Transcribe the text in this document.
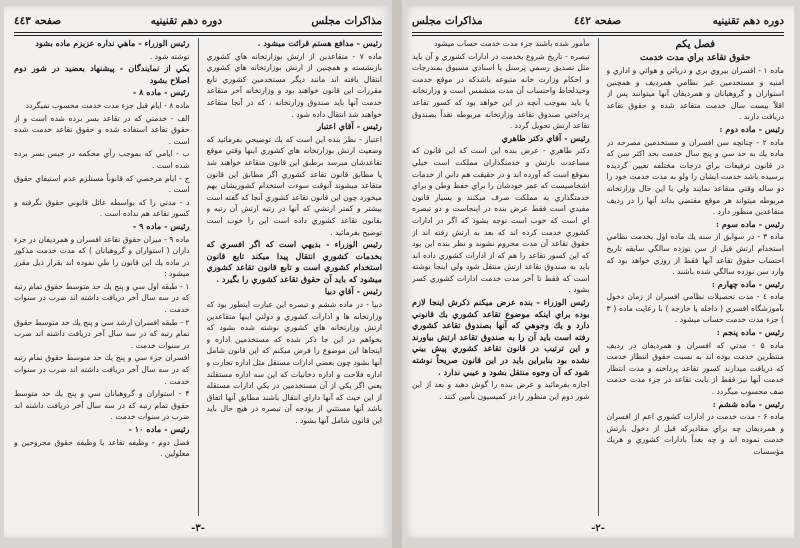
مذاكرات مجلس
دوره دهم تقنينيه
صفحه ٤٤٣

رئيس - مدافع هستم قرائت ميشود .

ماده ٧ - متقاعدين از ارتش بوزارتخانه هاي كشوري بازنشسته و همچنين از ارتش بوزارتخانه هاي كشوري انتقال يافته اند مانند ديگر مستخدمين كشوري تابع مقررات اين قانون خواهند بود و وزارتخانه آخر متقاعد خدمت آنها بايد صندوق وزارتخانه ، كه در آنجا متقاعد خواهند شد انتقال داده شود .

رئيس - آقاي اعتبار

اعتبار - نظر بنده اين است كه يك توضيحي بفرمائيد كه وضعيت ارتش بوزارتخانه هاي كشوري اينها وقتي موقع تقاعدشان ميرسد برطبق اين قانون متقاعد خواهند شد يا مطابق قانون تقاعد كشوري اگر مطابق اين قانون متقاعد ميشوند آنوقت سوءت استخدام كشوريشان بهم ميخورد چون اين قانون تقاعد كشوري آنجا كه گفته است بيشتر و كمتر ارتشي كه آنها در رتبه ارتش آن رتبه و بقانون تقاعد كشوري داده است اين را خوب است توضيح بفرمائيد .

رئيس الوزراء - بديهي است كه اگر افسري كه بخدمات كشوري انتقال پيدا ميكند تابع قانون استخدام كشوري است و تابع قانون تقاعد كشوري ميشود كه بايد آن حقوق تقاعد كشوري را بگيرد .

رئيس - آقاي دبيا

دبيا - در ماده ششم و تبصره اين عبارت اينطور بود كه وزارتخانه ها و ادارات كشوري و دولتي اينها متقاعدين ارتش وزارتخانه هاي كشوري نوشته شده بشود كه بخواهم در اين جا ذكر شده كه مستخدمين اداره و اينجاها اين موضوع را فرض ميكنم كه اين قانون شامل آنها بشود چون بعضي ادارات مستقل مثل اداره تجارت و اداره فلاحت و اداره دخانيات كه اين سه اداره مستقلند يعني اگر يكي از آن مستخدمين در يكي ادارات مستقله از اين حيث كه آنها داراي انتقال باشند مطابق آنها اتفاق باشد آنها مستثني از بودجه آن تبصره در هيچ حال بايد اين قانون شامل آنها بشود .

رئيس الوزراء - ماهي نداره عزيزم ماده بشود

نوشته شود .

يكي از نمايندگان - پيشنهاد بعضيد در شور دوم اصلاح بشود

رئيس - ماده ۸ -

ماده ۸ - ايام قبل جزء مدت خدمت محسوب نميگردد

الف - خدمتي كه در تقاعد بسر برده شده است و از حقوق تقاعد استفاده شده و حقوق تقاعد خدمت شده است .

ب - ايامي كه بموجب رأي محكمه در حبس بسر برده شده است .

ج - ايام مرخصي كه قانوناً مستلزم عدم استيفاي حقوق است .

د - مدتي را كه بواسطه عائل قانوني حقوق نگرفته و كسور تقاعد هم نداده است .

رئيس - ماده ۹ -

ماده ۹ - ميزان حقوق تقاعد افسران و همرديفان در جزء داران ( استواران و گروهبانان ) كه مدت خدمت مذكور در ماده يك اين قانون را طي نموده اند بقرار ذيل مقرر ميشود :

۱ - طبقه اول سي و پنج يك حد متوسط حقوق تمام رتبه كه در سه سال آخر دريافت داشته اند ضرب در سنوات خدمت .

۲ - طبقه افسران ارشد سي و پنج يك حد متوسط حقوق تمام رتبه كه در سه سال آخر دريافت داشته اند ضرب در سنوات خدمت .

افسران جزء سي و پنج يك حد متوسط حقوق تمام رتبه كه در سه سال آخر دريافت داشته اند ضرب در سنوات خدمت .

۴ - استواران و گروهبانان سي و پنج يك حد متوسط حقوق تمام رتبه كه در سه سال آخر دريافت داشته اند ضرب در سنوات خدمت .

رئيس - ماده ۱۰ -

فصل دوم - وظيفه تقاعد يا وظيفه حقوق مجروحين و معلولين .

-٣-
دوره دهم تقنينيه
صفحه ٤٤٢
مذاكرات مجلس

فصل يكم

حقوق تقاعد براي مدت خدمت

ماده ۱ - افسران بيروي بري و دريائي و هوائي و اداري و امنيه و مستخدمين غير نظامي همرديف و همچنين استواران و گروهبانان و همرديفان آنها ميتوانند پس از اقلاً بيست سال خدمت متقاعد شده و حقوق تقاعد دريافت دارند .

رئيس - ماده دوم :

ماده ۲ - چنانچه سن افسران و مستخدمين مصرحه در ماده يك به حد سي و پنج سال خدمت بحد اكثر سن كه در قانون ترفيعات براي درجات مختلفه تعيين گرديده برسيده باشد خدمت ايشان را ولو به مدت خدمت خود را دو ساله وقتي متقاعد نمايند ولي با اين حال وزارتخانه مربوطه ميتواند هر موقع مقتضي بداند آنها را در رديف متقاعدين منظور دارد .

رئيس - ماده سوم :

ماده ۳ - در سوابق از سنه يك ماده اول بخدمت نظامي استخدام ارتش قبل از سن نوزده سالگي سابقه تاريخ احتساب حقوق تقاعد آنها فقط از روزي خواهد بود كه وارد سن نوزده سالگي شده باشند .

رئيس - ماده چهارم :

ماده ٤ - مدت تحصيلات نظامي افسران از زمان دخول بآموزشگاه افسري ( داخله يا خارجه ) با رعايت ماده ( ۳ ) جزء مدت خدمت حساب ميشود .

رئيس - ماده پنجم :

ماده ۵ - مدتي كه افسران و همرديفان در رديف منتظرين خدمت بوده اند به نسبت حقوق انتظار خدمت كه دريافت ميدارند كسور تقاعد پرداخته و مدت انتظار خدمت آنها نيز فقط از بابت تقاعد در جزء مدت خدمت صف محسوب ميگردد .

رئيس - ماده ششم :

ماده ۶ - مدت خدمت در ادارات كشوري اعم از افسران و همرديفان چه براي مقاديركه قبل از دخول بارتش خدمت نموده اند و چه بعداً بادارات كشوري و هريك مؤسسات

مأمور شده باشند جزء مدت خدمت حساب ميشود

تبصره - تاريخ شروع بخدمت در ادارات كشوري و آن بايد مثل تصديق رسمي پرسنل يا اسنادي مسبوق بمندرجات و احكام وزارت خانه متبوعه باشدكه در موقع خدمت وحيدلحاظ واحتساب آن مدت متشمس است و وزارتخانه يا بايد بموجب آنچه در اين خواهد بود كه كسور تقاعد پرداختي صندوق تقاعد وزارتخانه مربوطه نقداً بصندوق تقاعد ارتش تحويل گردد .

رئيس - آقاي دكتر طاهري

دكتر طاهري - عرض بنده اين است كه اين قانون كه مساعدت بارتش و خدمتگذاران مملكت است خيلي بموقع است كه آورده اند و در حقيقت هم داني از خدمات اشخاصيست كه عمر خودشان را براي حفظ وطن و براي خدمتگذاري به مملكت صرف ميكنند و بسيار قانون مفيدي است فقط عرض بنده در اينجاست و دو تبصره اي است كه خوب است توجه بشود كه اگر در ادارات كشوري خدمت كرده اند كه بعد به ارتش رفته اند از حقوق تقاعد آن مدت محروم نشوند و نظر بنده اين بود كه اين كسور تقاعد را هم كه از ادارات كشوري داده اند بايد به صندوق تقاعد ارتش منتقل شود ولي اينجا نوشته است كه فقط تا آخر مدت خدمت ادارات كشوري كسر بشود .

رئيس الوزراء - بنده عرض ميكنم ذكرش اينجا لازم بوده براي اينكه موضوع تقاعد كشوري بك قانوني دارد و يك وجوهي كه آنها بصندوق تقاعد كشوري رفته است بايد آن را به صندوق تقاعد ارتش بياورند و اين ترتيب در قانون تقاعد كشوري پيش بيني نشده بود بنابراين بايد در اين قانون صريحاً نوشته شود كه آن وجوه منتقل بشود و عيبي ندارد .

اجازه بفرمائيد و عرض بنده را گوش دهيد و بعد از اين شور دوم اين منظور را در كميسيون تأمين كنند .

-٢-
